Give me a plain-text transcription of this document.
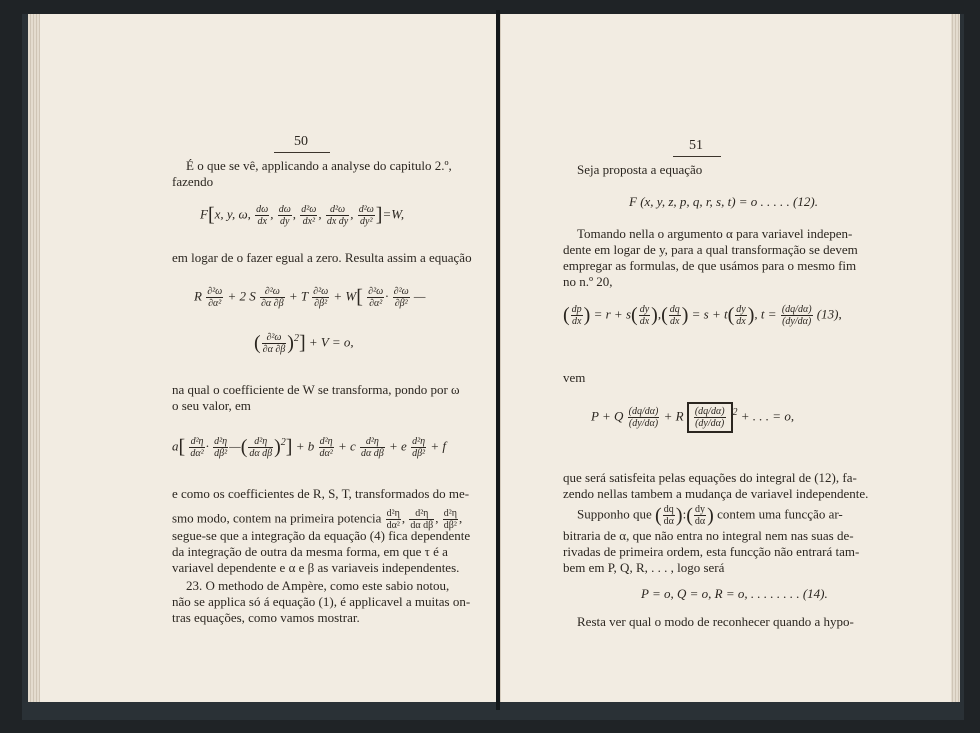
50
É o que se vê, applicando a analyse do capitulo 2.º,
fazendo
F[x, y, ω, $\frac{d\omega}{dx}$ , $\frac{d\omega}{dy}$ , $\frac{\text{d²ω}}{\text{dx²}}$ , $\frac{\text{d²ω}}{\text{dx dy}}$ , $\frac{\text{d²ω}}{\text{dy²}} ]=W$,
em logar de o fazer egual a zero. Resulta assim a equação
R $\frac{\text{∂²ω}}{\text{∂α²}} + 2$ S $\frac{\text{∂²ω}}{\partial\alpha \partial\beta} + T \frac{\text{∂²ω}}{\text{∂β²}} + W[ \frac{\text{∂²ω}}{\text{∂α²}} \cdot \frac{\text{∂²ω}}{\text{∂β²}}$ —
( $\frac{\text{∂²ω}}{\partial\alpha \partial\beta} )^2] + V = o$,
na qual o coefficiente de W se transforma, pondo por ω
o seu valor, em
$a[ \frac{\text{d²η}}{\text{dα²}} \cdot \frac{\text{d²η}}{\text{dβ²}}$ —( $\frac{\text{d²η}}{\text{dα dβ}} )^2] + b \frac{\text{d²η}}{\text{dα²}} + c \frac{\text{d²η}}{\text{dα dβ}} + e \frac{\text{d²η}}{\text{dβ²}} + f$
e como os coefficientes de R, S, T, transformados do me-
smo modo, contem na primeira potencia $\frac{\text{d²η}}{\text{dα²}}$ , $\frac{\text{d²η}}{\text{dα dβ}}$ , $\frac{\text{d²η}}{\text{dβ²}}$ ,
segue-se que a integração da equação (4) fica dependente
da integração de outra da mesma forma, em que τ é a
variavel dependente e α e β as variaveis independentes.
23. O methodo de Ampère, como este sabio notou,
não se applica só á equação (1), é applicavel a muitas on-
tras equações, como vamos mostrar.
51
Seja proposta a equação
F (x, y, z, p, q, r, s, t) = o . . . . . (12).
Tomando nella o argumento α para variavel indepen-
dente em logar de y, para a qual transformação se devem
empregar as formulas, de que usámos para o mesmo fim
no n.º 20,
( $\frac{dp}{dx}$ ) = $r + s( \frac{dy}{dx}$ ),( $\frac{dq}{dx}$ ) = $s + t( \frac{dy}{dx}$ ), $t = \frac{(dq/d\alpha)}{(dy/d\alpha)} (13)$,
vem
P + Q $\frac{(dq/d\alpha)}{(dy/d\alpha)} + R \frac{(dq/d\alpha)}{(dy/d\alpha)} ^2$ + . . . = o,
que será satisfeita pelas equações do integral de (12), fa-
zendo nellas tambem a mudança de variavel independente.
Supponho que ( $\frac{dq}{d\alpha}$ ):( $\frac{dy}{d\alpha}$ ) contem uma funcção ar-
bitraria de α, que não entra no integral nem nas suas de-
rivadas de primeira ordem, esta funcção não entrará tam-
bem em P, Q, R, . . . , logo será
P = o, Q = o, R = o, . . . . . . . . (14).
Resta ver qual o modo de reconhecer quando a hypo-
